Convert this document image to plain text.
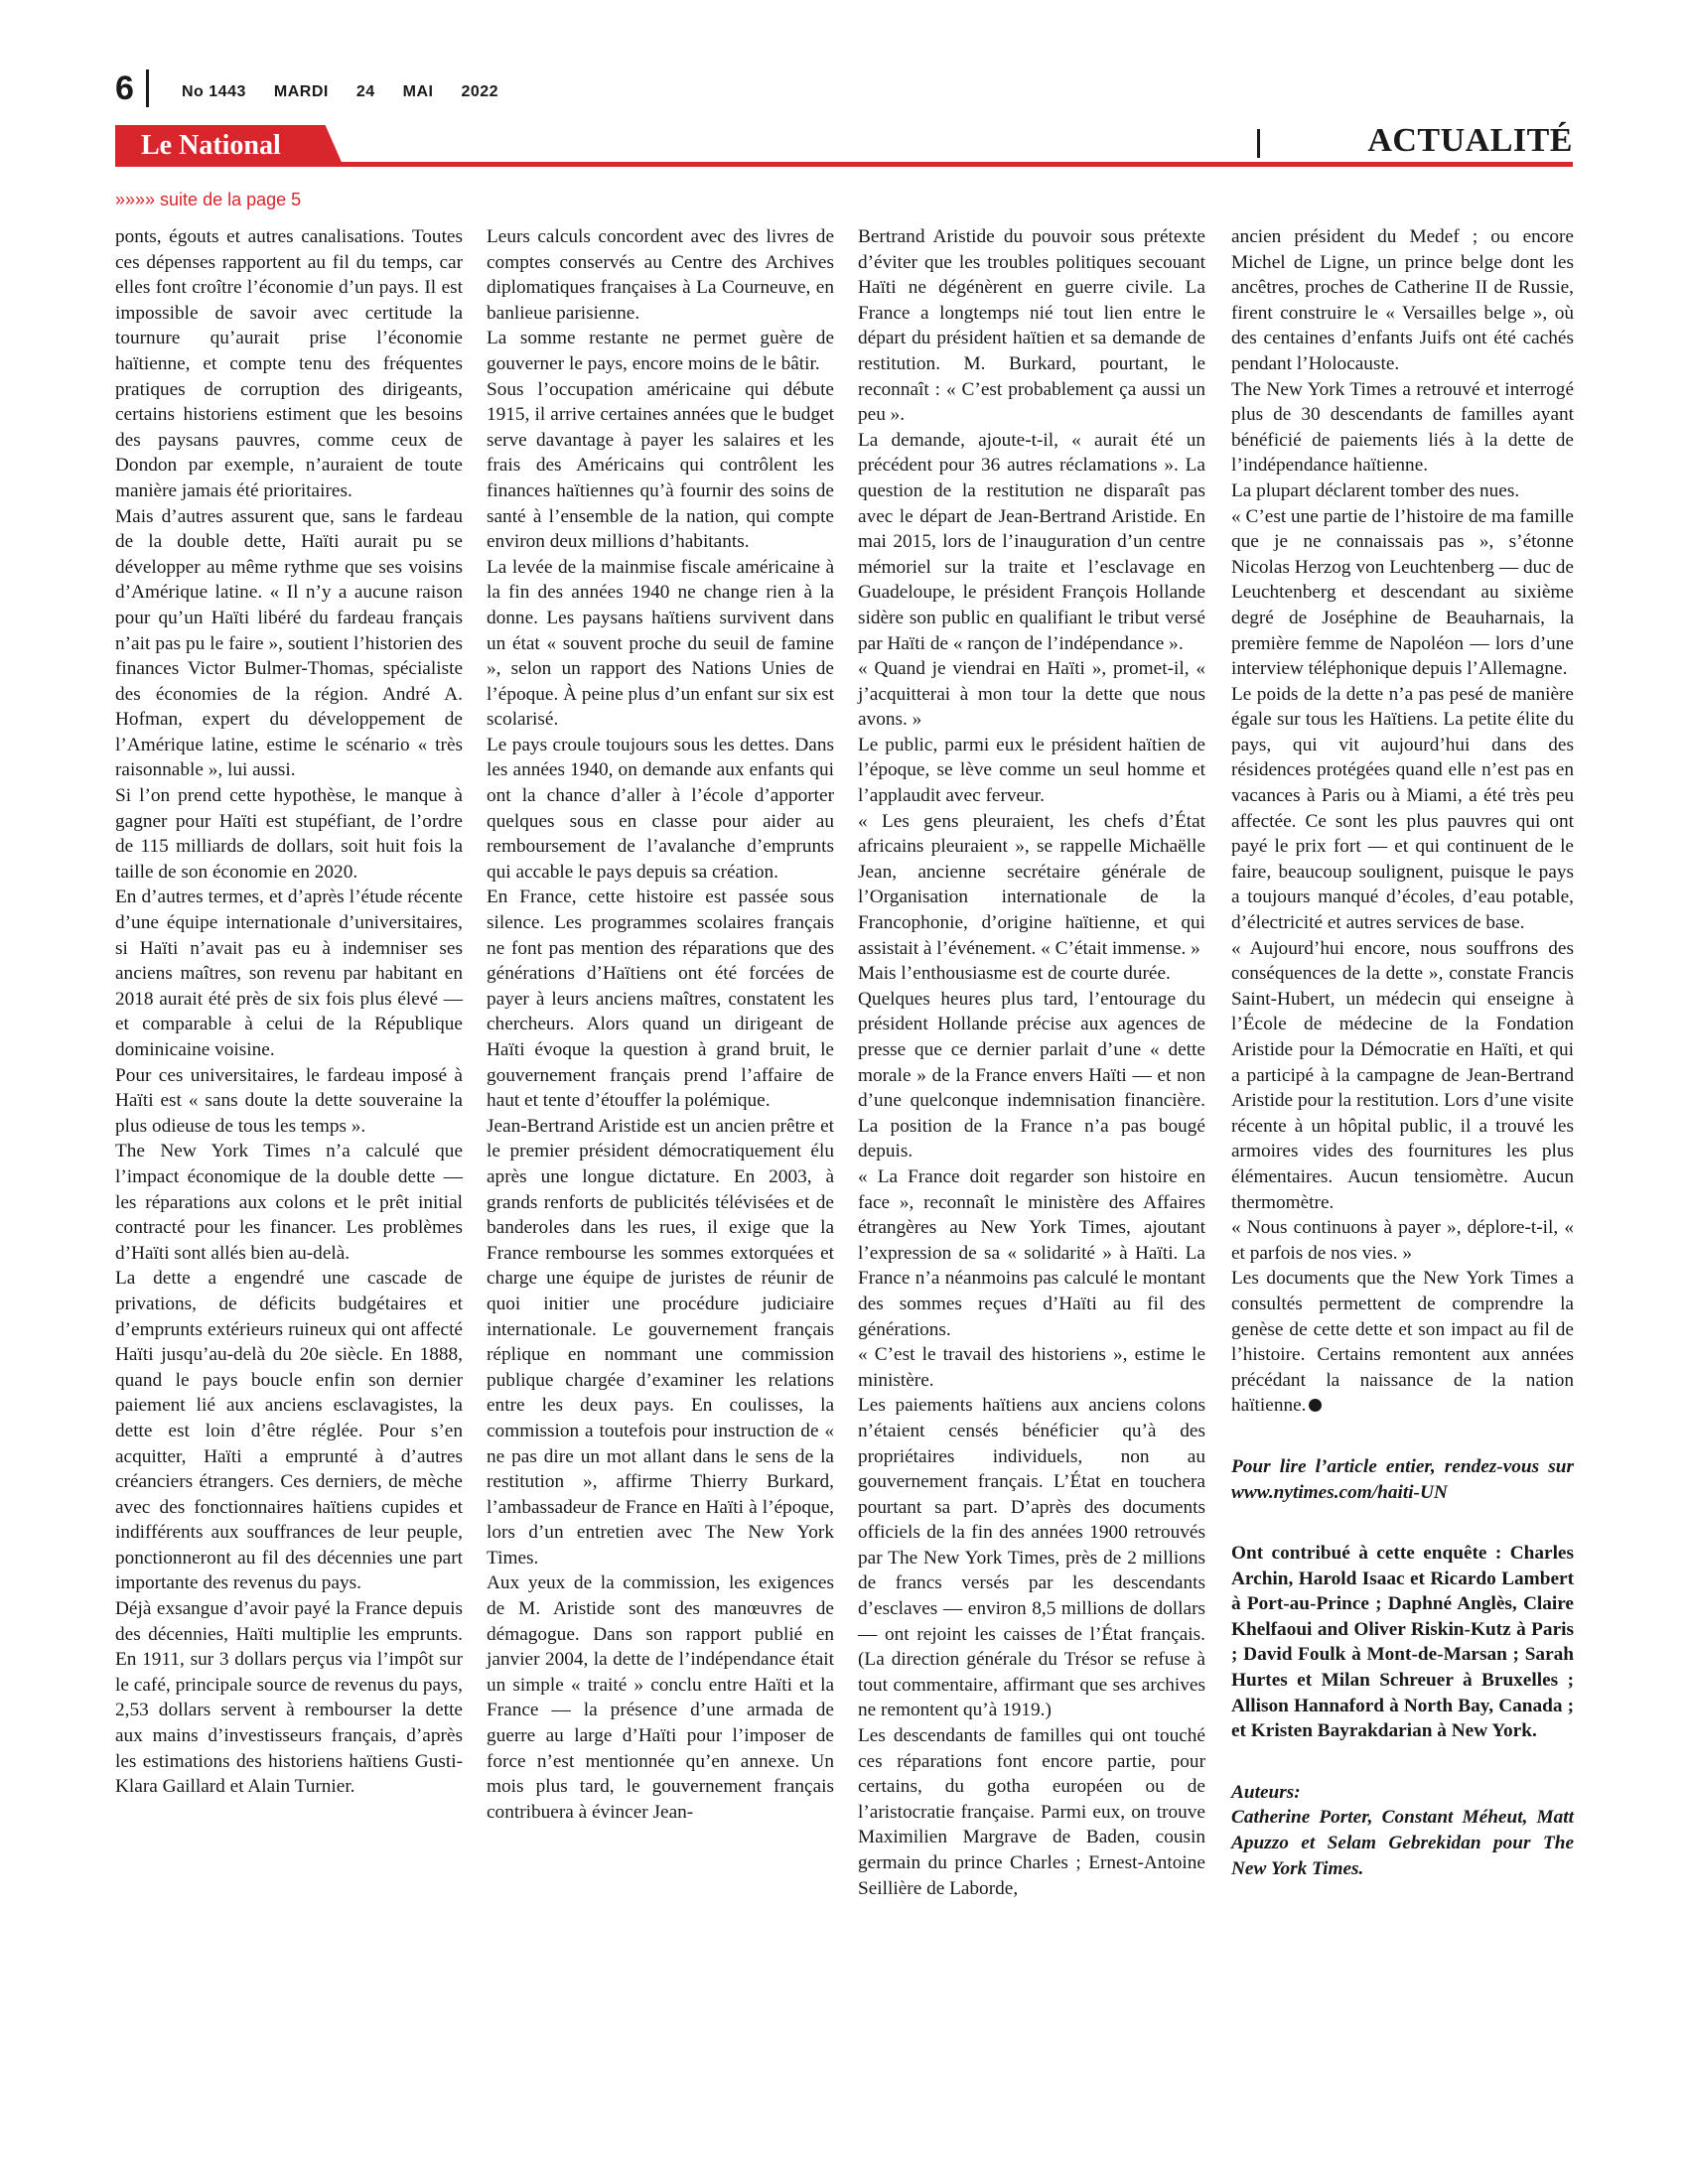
6	No 1443 MARDI 24 MAI 2022
Le National	ACTUALITÉ
»»»» suite de la page 5

ponts, égouts et autres canalisations. Toutes ces dépenses rapportent au fil du temps, car elles font croître l’économie d’un pays. Il est impossible de savoir avec certitude la tournure qu’aurait prise l’économie haïtienne, et compte tenu des fréquentes pratiques de corruption des dirigeants, certains historiens estiment que les besoins des paysans pauvres, comme ceux de Dondon par exemple, n’auraient de toute manière jamais été prioritaires.

Mais d’autres assurent que, sans le fardeau de la double dette, Haïti aurait pu se développer au même rythme que ses voisins d’Amérique latine. « Il n’y a aucune raison pour qu’un Haïti libéré du fardeau français n’ait pas pu le faire », soutient l’historien des finances Victor Bulmer-Thomas, spécialiste des économies de la région. André A. Hofman, expert du développement de l’Amérique latine, estime le scénario « très raisonnable », lui aussi.

Si l’on prend cette hypothèse, le manque à gagner pour Haïti est stupéfiant, de l’ordre de 115 milliards de dollars, soit huit fois la taille de son économie en 2020.

En d’autres termes, et d’après l’étude récente d’une équipe internationale d’universitaires, si Haïti n’avait pas eu à indemniser ses anciens maîtres, son revenu par habitant en 2018 aurait été près de six fois plus élevé — et comparable à celui de la République dominicaine voisine.

Pour ces universitaires, le fardeau imposé à Haïti est « sans doute la dette souveraine la plus odieuse de tous les temps ».

The New York Times n’a calculé que l’impact économique de la double dette — les réparations aux colons et le prêt initial contracté pour les financer. Les problèmes d’Haïti sont allés bien au-delà.

La dette a engendré une cascade de privations, de déficits budgétaires et d’emprunts extérieurs ruineux qui ont affecté Haïti jusqu’au-delà du 20e siècle. En 1888, quand le pays boucle enfin son dernier paiement lié aux anciens esclavagistes, la dette est loin d’être réglée. Pour s’en acquitter, Haïti a emprunté à d’autres créanciers étrangers. Ces derniers, de mèche avec des fonctionnaires haïtiens cupides et indifférents aux souffrances de leur peuple, ponctionneront au fil des décennies une part importante des revenus du pays.

Déjà exsangue d’avoir payé la France depuis des décennies, Haïti multiplie les emprunts. En 1911, sur 3 dollars perçus via l’impôt sur le café, principale source de revenus du pays, 2,53 dollars servent à rembourser la dette aux mains d’investisseurs français, d’après les estimations des historiens haïtiens Gusti-Klara Gaillard et Alain Turnier.

Leurs calculs concordent avec des livres de comptes conservés au Centre des Archives diplomatiques françaises à La Courneuve, en banlieue parisienne.

La somme restante ne permet guère de gouverner le pays, encore moins de le bâtir.

Sous l’occupation américaine qui débute 1915, il arrive certaines années que le budget serve davantage à payer les salaires et les frais des Américains qui contrôlent les finances haïtiennes qu’à fournir des soins de santé à l’ensemble de la nation, qui compte environ deux millions d’habitants.

La levée de la mainmise fiscale américaine à la fin des années 1940 ne change rien à la donne. Les paysans haïtiens survivent dans un état « souvent proche du seuil de famine », selon un rapport des Nations Unies de l’époque. À peine plus d’un enfant sur six est scolarisé.

Le pays croule toujours sous les dettes. Dans les années 1940, on demande aux enfants qui ont la chance d’aller à l’école d’apporter quelques sous en classe pour aider au remboursement de l’avalanche d’emprunts qui accable le pays depuis sa création.

En France, cette histoire est passée sous silence. Les programmes scolaires français ne font pas mention des réparations que des générations d’Haïtiens ont été forcées de payer à leurs anciens maîtres, constatent les chercheurs. Alors quand un dirigeant de Haïti évoque la question à grand bruit, le gouvernement français prend l’affaire de haut et tente d’étouffer la polémique.

Jean-Bertrand Aristide est un ancien prêtre et le premier président démocratiquement élu après une longue dictature. En 2003, à grands renforts de publicités télévisées et de banderoles dans les rues, il exige que la France rembourse les sommes extorquées et charge une équipe de juristes de réunir de quoi initier une procédure judiciaire internationale. Le gouvernement français réplique en nommant une commission publique chargée d’examiner les relations entre les deux pays. En coulisses, la commission a toutefois pour instruction de « ne pas dire un mot allant dans le sens de la restitution », affirme Thierry Burkard, l’ambassadeur de France en Haïti à l’époque, lors d’un entretien avec The New York Times.

Aux yeux de la commission, les exigences de M. Aristide sont des manœuvres de démagogue. Dans son rapport publié en janvier 2004, la dette de l’indépendance était un simple « traité » conclu entre Haïti et la France — la présence d’une armada de guerre au large d’Haïti pour l’imposer de force n’est mentionnée qu’en annexe. Un mois plus tard, le gouvernement français contribuera à évincer Jean-

Bertrand Aristide du pouvoir sous prétexte d’éviter que les troubles politiques secouant Haïti ne dégénèrent en guerre civile. La France a longtemps nié tout lien entre le départ du président haïtien et sa demande de restitution. M. Burkard, pourtant, le reconnaît : « C’est probablement ça aussi un peu ».

La demande, ajoute-t-il, « aurait été un précédent pour 36 autres réclamations ». La question de la restitution ne disparaît pas avec le départ de Jean-Bertrand Aristide. En mai 2015, lors de l’inauguration d’un centre mémoriel sur la traite et l’esclavage en Guadeloupe, le président François Hollande sidère son public en qualifiant le tribut versé par Haïti de « rançon de l’indépendance ».

« Quand je viendrai en Haïti », promet-il, « j’acquitterai à mon tour la dette que nous avons. »

Le public, parmi eux le président haïtien de l’époque, se lève comme un seul homme et l’applaudit avec ferveur.

« Les gens pleuraient, les chefs d’État africains pleuraient », se rappelle Michaëlle Jean, ancienne secrétaire générale de l’Organisation internationale de la Francophonie, d’origine haïtienne, et qui assistait à l’événement. « C’était immense. »

Mais l’enthousiasme est de courte durée.

Quelques heures plus tard, l’entourage du président Hollande précise aux agences de presse que ce dernier parlait d’une « dette morale » de la France envers Haïti — et non d’une quelconque indemnisation financière. La position de la France n’a pas bougé depuis.

« La France doit regarder son histoire en face », reconnaît le ministère des Affaires étrangères au New York Times, ajoutant l’expression de sa « solidarité » à Haïti. La France n’a néanmoins pas calculé le montant des sommes reçues d’Haïti au fil des générations.

« C’est le travail des historiens », estime le ministère.

Les paiements haïtiens aux anciens colons n’étaient censés bénéficier qu’à des propriétaires individuels, non au gouvernement français. L’État en touchera pourtant sa part. D’après des documents officiels de la fin des années 1900 retrouvés par The New York Times, près de 2 millions de francs versés par les descendants d’esclaves — environ 8,5 millions de dollars — ont rejoint les caisses de l’État français. (La direction générale du Trésor se refuse à tout commentaire, affirmant que ses archives ne remontent qu’à 1919.)

Les descendants de familles qui ont touché ces réparations font encore partie, pour certains, du gotha européen ou de l’aristocratie française. Parmi eux, on trouve Maximilien Margrave de Baden, cousin germain du prince Charles ; Ernest-Antoine Seillière de Laborde,

ancien président du Medef ; ou encore Michel de Ligne, un prince belge dont les ancêtres, proches de Catherine II de Russie, firent construire le « Versailles belge », où des centaines d’enfants Juifs ont été cachés pendant l’Holocauste.

The New York Times a retrouvé et interrogé plus de 30 descendants de familles ayant bénéficié de paiements liés à la dette de l’indépendance haïtienne.

La plupart déclarent tomber des nues.

« C’est une partie de l’histoire de ma famille que je ne connaissais pas », s’étonne Nicolas Herzog von Leuchtenberg — duc de Leuchtenberg et descendant au sixième degré de Joséphine de Beauharnais, la première femme de Napoléon — lors d’une interview téléphonique depuis l’Allemagne.

Le poids de la dette n’a pas pesé de manière égale sur tous les Haïtiens. La petite élite du pays, qui vit aujourd’hui dans des résidences protégées quand elle n’est pas en vacances à Paris ou à Miami, a été très peu affectée. Ce sont les plus pauvres qui ont payé le prix fort — et qui continuent de le faire, beaucoup soulignent, puisque le pays a toujours manqué d’écoles, d’eau potable, d’électricité et autres services de base.

« Aujourd’hui encore, nous souffrons des conséquences de la dette », constate Francis Saint-Hubert, un médecin qui enseigne à l’École de médecine de la Fondation Aristide pour la Démocratie en Haïti, et qui a participé à la campagne de Jean-Bertrand Aristide pour la restitution. Lors d’une visite récente à un hôpital public, il a trouvé les armoires vides des fournitures les plus élémentaires. Aucun tensiomètre. Aucun thermomètre.

« Nous continuons à payer », déplore-t-il, « et parfois de nos vies. »

Les documents que the New York Times a consultés permettent de comprendre la genèse de cette dette et son impact au fil de l’histoire. Certains remontent aux années précédant la naissance de la nation haïtienne.

Pour lire l’article entier, rendez-vous sur www.nytimes.com/haiti-UN

Ont contribué à cette enquête : Charles Archin, Harold Isaac et Ricardo Lambert à Port-au-Prince ; Daphné Anglès, Claire Khelfaoui and Oliver Riskin-Kutz à Paris ; David Foulk à Mont-de-Marsan ; Sarah Hurtes et Milan Schreuer à Bruxelles ; Allison Hannaford à North Bay, Canada ; et Kristen Bayrakdarian à New York.

Auteurs:

Catherine Porter, Constant Méheut, Matt Apuzzo et Selam Gebrekidan pour The New York Times.
